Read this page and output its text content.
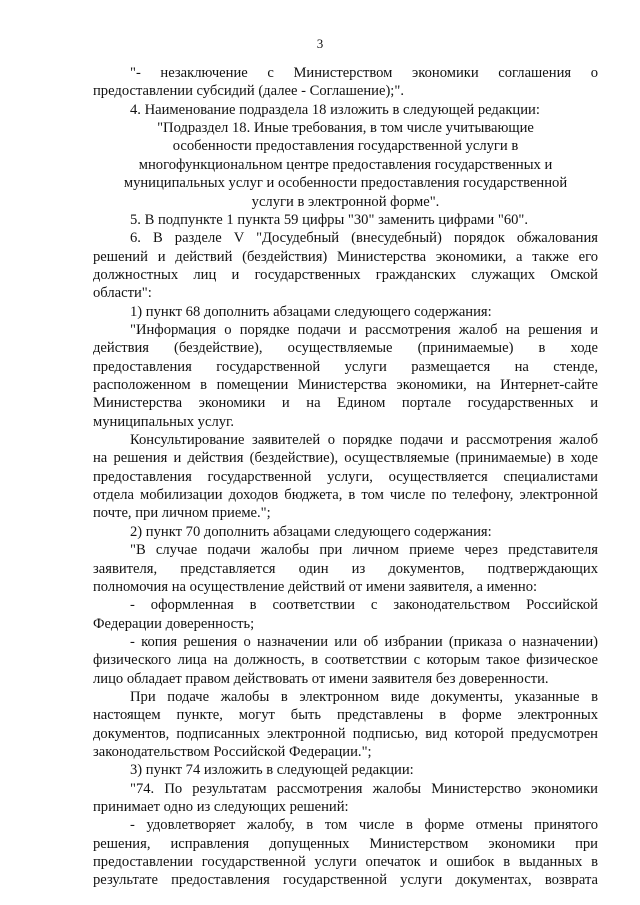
3
"- незаключение с Министерством экономики соглашения о
предоставлении субсидий (далее - Соглашение);".
4. Наименование подраздела 18 изложить в следующей редакции:
"Подраздел 18. Иные требования, в том числе учитывающие
особенности предоставления государственной услуги в
многофункциональном центре предоставления государственных и
муниципальных услуг и особенности предоставления государственной
услуги в электронной форме".
5. В подпункте 1 пункта 59 цифры "30" заменить цифрами "60".
6. В разделе V "Досудебный (внесудебный) порядок обжалования
решений и действий (бездействия) Министерства экономики, а также его
должностных лиц и государственных гражданских служащих Омской
области":
1) пункт 68 дополнить абзацами следующего содержания:
"Информация о порядке подачи и рассмотрения жалоб на решения и
действия (бездействие), осуществляемые (принимаемые) в ходе
предоставления государственной услуги размещается на стенде,
расположенном в помещении Министерства экономики, на Интернет-сайте
Министерства экономики и на Едином портале государственных и
муниципальных услуг.
Консультирование заявителей о порядке подачи и рассмотрения жалоб
на решения и действия (бездействие), осуществляемые (принимаемые) в ходе
предоставления государственной услуги, осуществляется специалистами
отдела мобилизации доходов бюджета, в том числе по телефону, электронной
почте, при личном приеме.";
2) пункт 70 дополнить абзацами следующего содержания:
"В случае подачи жалобы при личном приеме через представителя
заявителя, представляется один из документов, подтверждающих
полномочия на осуществление действий от имени заявителя, а именно:
- оформленная в соответствии с законодательством Российской
Федерации доверенность;
- копия решения о назначении или об избрании (приказа о назначении)
физического лица на должность, в соответствии с которым такое физическое
лицо обладает правом действовать от имени заявителя без доверенности.
При подаче жалобы в электронном виде документы, указанные в
настоящем пункте, могут быть представлены в форме электронных
документов, подписанных электронной подписью, вид которой предусмотрен
законодательством Российской Федерации.";
3) пункт 74 изложить в следующей редакции:
"74. По результатам рассмотрения жалобы Министерство экономики
принимает одно из следующих решений:
- удовлетворяет жалобу, в том числе в форме отмены принятого
решения, исправления допущенных Министерством экономики при
предоставлении государственной услуги опечаток и ошибок в выданных в
результате предоставления государственной услуги документах, возврата
